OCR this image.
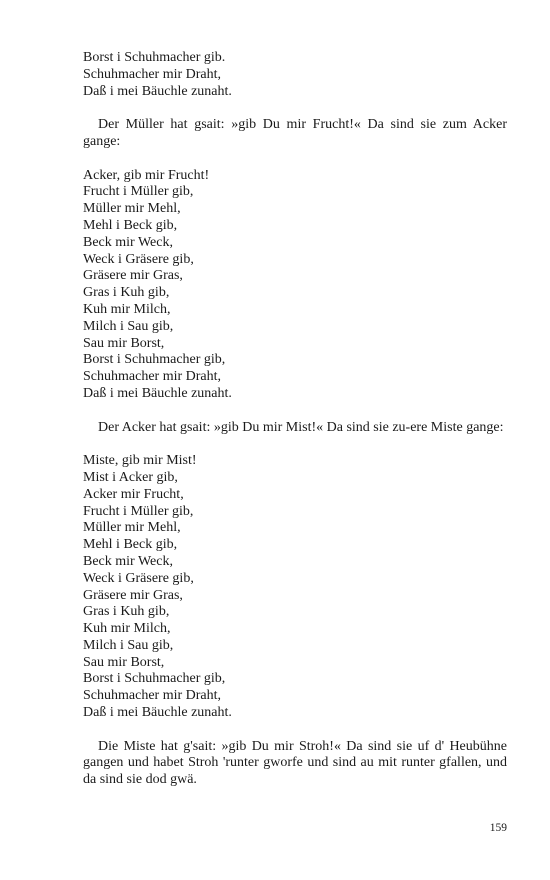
Borst i Schuhmacher gib.
Schuhmacher mir Draht,
Daß i mei Bäuchle zunaht.

Der Müller hat gsait: »gib Du mir Frucht!« Da sind sie zum Acker gange:

Acker, gib mir Frucht!
Frucht i Müller gib,
Müller mir Mehl,
Mehl i Beck gib,
Beck mir Weck,
Weck i Gräsere gib,
Gräsere mir Gras,
Gras i Kuh gib,
Kuh mir Milch,
Milch i Sau gib,
Sau mir Borst,
Borst i Schuhmacher gib,
Schuhmacher mir Draht,
Daß i mei Bäuchle zunaht.

Der Acker hat gsait: »gib Du mir Mist!« Da sind sie zu-ere Miste gange:

Miste, gib mir Mist!
Mist i Acker gib,
Acker mir Frucht,
Frucht i Müller gib,
Müller mir Mehl,
Mehl i Beck gib,
Beck mir Weck,
Weck i Gräsere gib,
Gräsere mir Gras,
Gras i Kuh gib,
Kuh mir Milch,
Milch i Sau gib,
Sau mir Borst,
Borst i Schuhmacher gib,
Schuhmacher mir Draht,
Daß i mei Bäuchle zunaht.

Die Miste hat g'sait: »gib Du mir Stroh!« Da sind sie uf d' Heubühne gangen und habet Stroh 'runter gworfe und sind au mit runter gfallen, und da sind sie dod gwä.

159
